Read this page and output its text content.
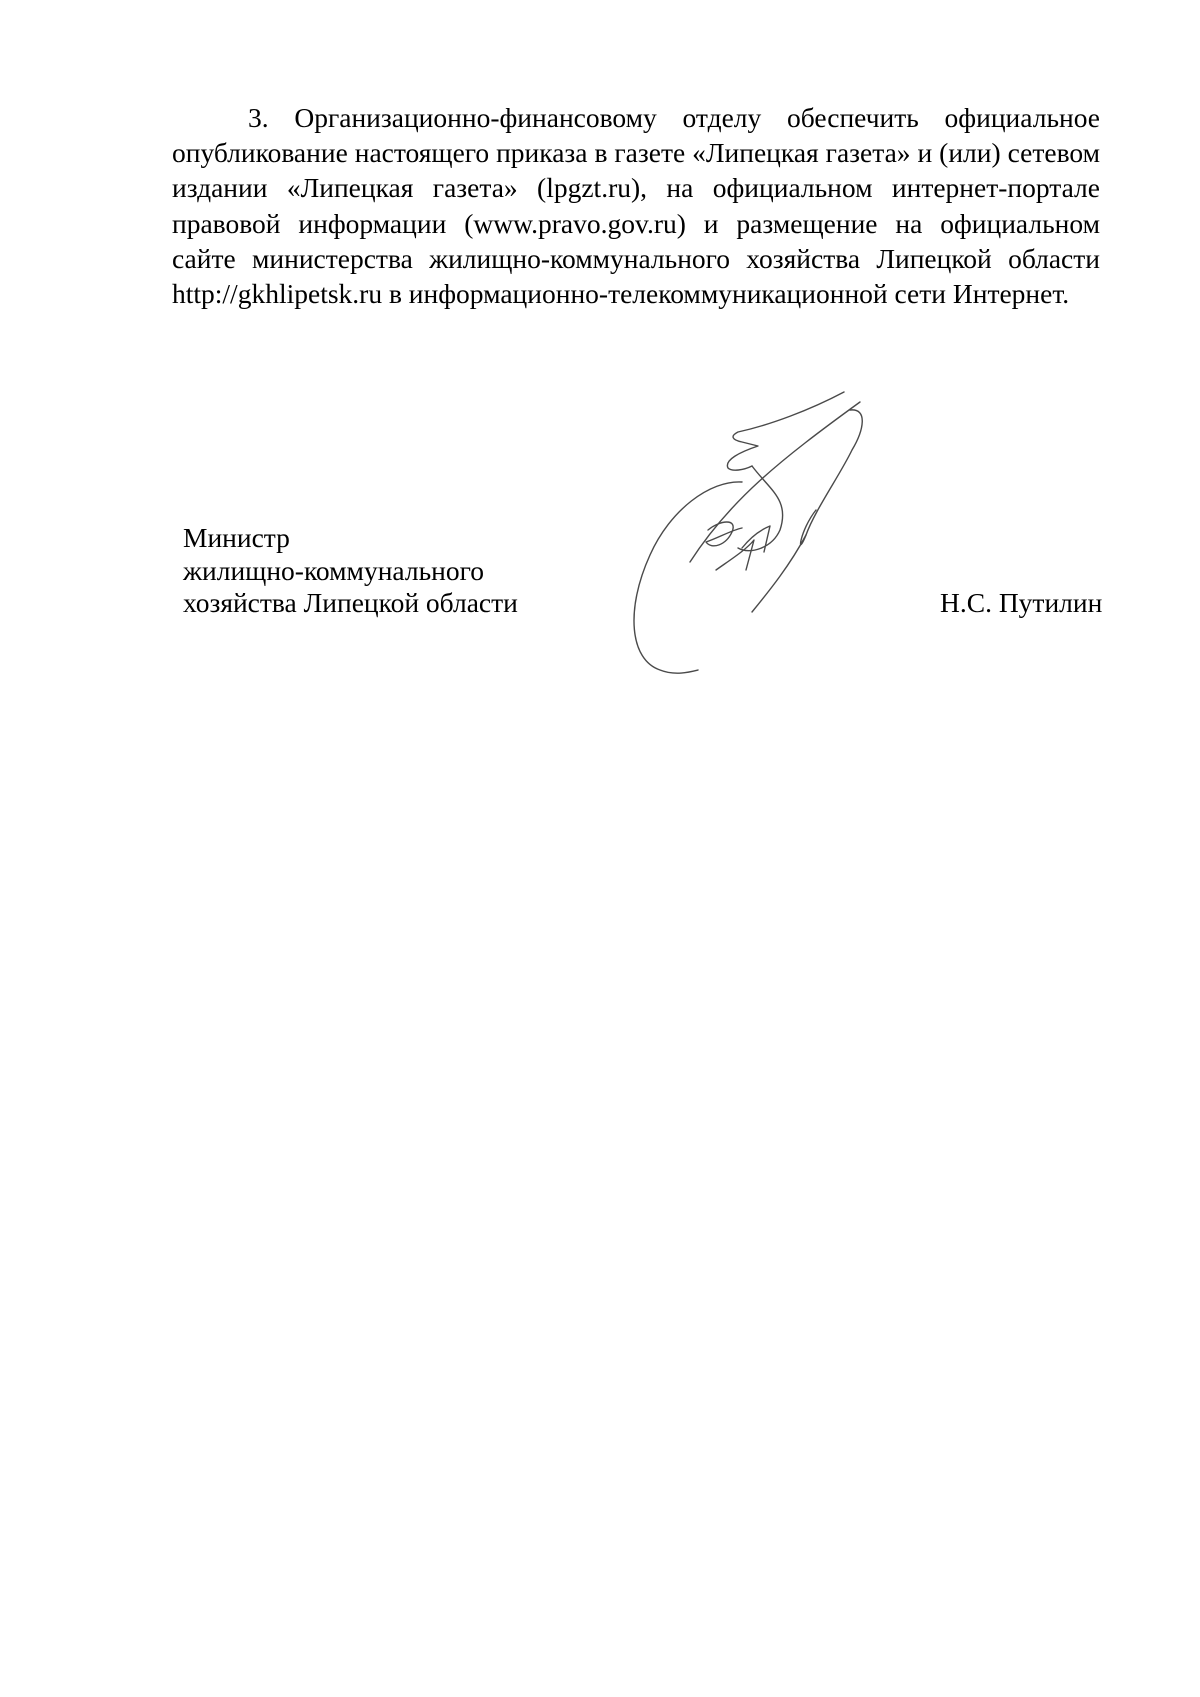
3. Организационно-финансовому отделу обеспечить официальное опубликование настоящего приказа в газете «Липецкая газета» и (или) сетевом издании «Липецкая газета» (lpgzt.ru), на официальном интернет-портале правовой информации (www.pravo.gov.ru) и размещение на официальном сайте министерства жилищно-коммунального хозяйства Липецкой области http://gkhlipetsk.ru в информационно-телекоммуникационной сети Интернет.

Министр
жилищно-коммунального
хозяйства Липецкой области	Н.С. Путилин
